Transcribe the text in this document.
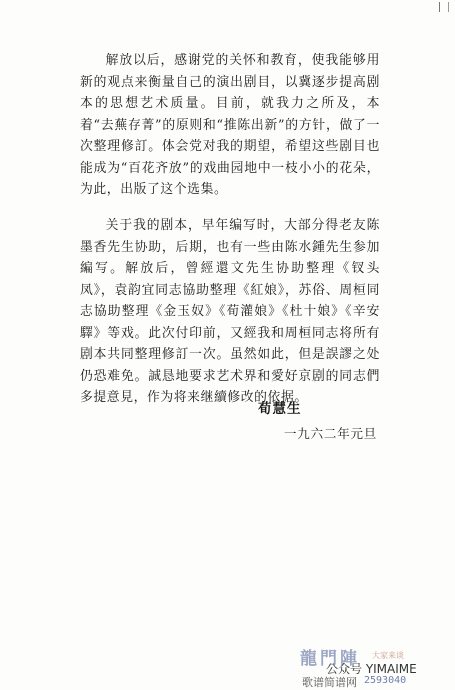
解放以后，感谢党的关怀和教育，使我能够用新的观点来衡量自己的演出剧目，以冀逐步提高剧本的思想艺术质量。目前，就我力之所及，本着“去蕪存菁”的原则和“推陈出新”的方针，做了一次整理修訂。体会党对我的期望，希望这些剧目也能成为“百花齐放”的戏曲园地中一枝小小的花朵，为此，出版了这个选集。

关于我的剧本，早年编写时，大部分得老友陈墨香先生协助，后期，也有一些由陈水鍾先生参加編写。解放后，曾經還文先生协助整理《钗头凤》，袁韵宜同志協助整理《紅娘》，苏俗、周桓同志協助整理《金玉奴》《荀灌娘》《杜十娘》《辛安驛》等戏。此次付印前，又經我和周桓同志将所有剧本共同整理修訂一次。虽然如此，但是誤謬之处仍恐难免。誠恳地要求艺术界和愛好京剧的同志們多提意見，作为将来继續修改的依据。

荀慧生
一九六二年元旦
龍門陣 大家来谈
公众号 YIMAIME
歌谱简谱网 2593040
